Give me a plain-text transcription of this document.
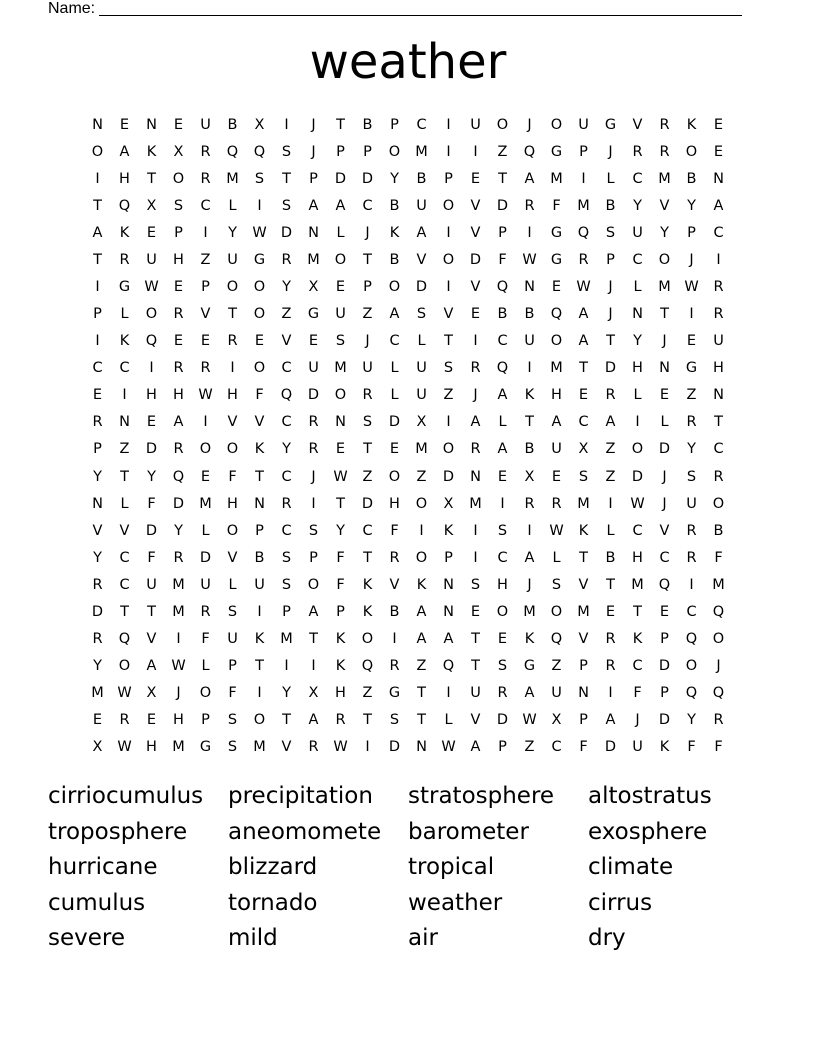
Name:
weather
N	E	N	E	U	B	X	I	J	T	B	P	C	I	U	O	J	O	U	G	V	R	K	E
O	A	K	X	R	Q	Q	S	J	P	P	O	M	I	I	Z	Q	G	P	J	R	R	O	E
I	H	T	O	R	M	S	T	P	D	D	Y	B	P	E	T	A	M	I	L	C	M	B	N
T	Q	X	S	C	L	I	S	A	A	C	B	U	O	V	D	R	F	M	B	Y	V	Y	A
A	K	E	P	I	Y	W D	N	L	J	K	A	I	V	P	I	G	Q	S	U	Y	P	C
T	R	U	H	Z	U	G	R	M	O	T	B	V	O	D	F	W G	R	P	C	O	J	I
I	G W	E	P	O	O	Y	X	E	P	O	D	I	V	Q	N	E	W	J	L	M W	R
P	L	O	R	V	T	O	Z	G	U	Z	A	S	V	E	B	B	Q	A	J	N	T	I	R
I	K	Q	E	E	R	E	V	E	S	J	C	L	T	I	C	U	O	A	T	Y	J	E	U
C	C	I	R	R	I	O	C	U	M	U	L	U	S	R	Q	I	M	T	D	H	N	G	H
E	I	H	H W H	F	Q	D	O	R	L	U	Z	J	A	K	H	E	R	L	E	Z	N
R	N	E	A	I	V	V	C	R	N	S	D	X	I	A	L	T	A	C	A	I	L	R	T
P	Z	D	R	O	O	K	Y	R	E	T	E	M	O	R	A	B	U	X	Z	O	D	Y	C
Y	T	Y	Q	E	F	T	C	J	W	Z	O	Z	D	N	E	X	E	S	Z	D	J	S	R
N	L	F	D	M	H	N	R	I	T	D	H	O	X	M	I	R	R	M	I	W	J	U	O
V	V	D	Y	L	O	P	C	S	Y	C	F	I	K	I	S	I	W	K	L	C	V	R	B
Y	C	F	R	D	V	B	S	P	F	T	R	O	P	I	C	A	L	T	B	H	C	R	F
R	C	U	M	U	L	U	S	O	F	K	V	K	N	S	H	J	S	V	T	M	Q	I	M
D	T	T	M	R	S	I	P	A	P	K	B	A	N	E	O	M	O	M	E	T	E	C	Q
R	Q	V	I	F	U	K	M	T	K	O	I	A	A	T	E	K	Q	V	R	K	P	Q	O
Y	O	A	W	L	P	T	I	I	K	Q	R	Z	Q	T	S	G	Z	P	R	C	D	O	J
M W	X	J	O	F	I	Y	X	H	Z	G	T	I	U	R	A	U	N	I	F	P	Q	Q
E	R	E	H	P	S	O	T	A	R	T	S	T	L	V	D W	X	P	A	J	D	Y	R
X	W H	M	G	S	M	V	R	W	I	D	N W	A	P	Z	C	F	D	U	K	F	F
cirriocumulus	precipitation	stratosphere	altostratus
troposphere	aneomomete	barometer	exosphere
hurricane	blizzard	tropical	climate
cumulus	tornado	weather	cirrus
severe	mild	air	dry
